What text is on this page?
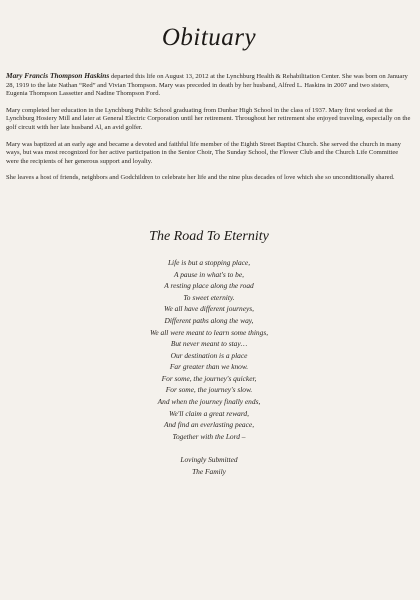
Obituary

Mary Francis Thompson Haskins departed this life on August 13, 2012 at the Lynchburg Health & Rehabilitation Center. She was born on January 28, 1919 to the late Nathan “Red” and Vivian Thompson. Mary was preceded in death by her husband, Alfred L. Haskins in 2007 and two sisters, Eugenia Thompson Lassetter and Nadine Thompson Ford.

Mary completed her education in the Lynchburg Public School graduating from Dunbar High School in the class of 1937. Mary first worked at the Lynchburg Hosiery Mill and later at General Electric Corporation until her retirement. Throughout her retirement she enjoyed traveling, especially on the golf circuit with her late husband Al, an avid golfer.

Mary was baptized at an early age and became a devoted and faithful life member of the Eighth Street Baptist Church. She served the church in many ways, but was most recognized for her active participation in the Senior Choir, The Sunday School, the Flower Club and the Church Life Committee were the recipients of her generous support and loyalty.

She leaves a host of friends, neighbors and Godchildren to celebrate her life and the nine plus decades of love which she so unconditionally shared.

The Road To Eternity
Life is but a stopping place,
A pause in what's to be,
A resting place along the road
To sweet eternity.
We all have different journeys,
Different paths along the way,
We all were meant to learn some things,
But never meant to stay…
Our destination is a place
Far greater than we know.
For some, the journey's quicker,
For some, the journey's slow.
And when the journey finally ends,
We'll claim a great reward,
And find an everlasting peace,
Together with the Lord –
Lovingly Submitted
The Family
